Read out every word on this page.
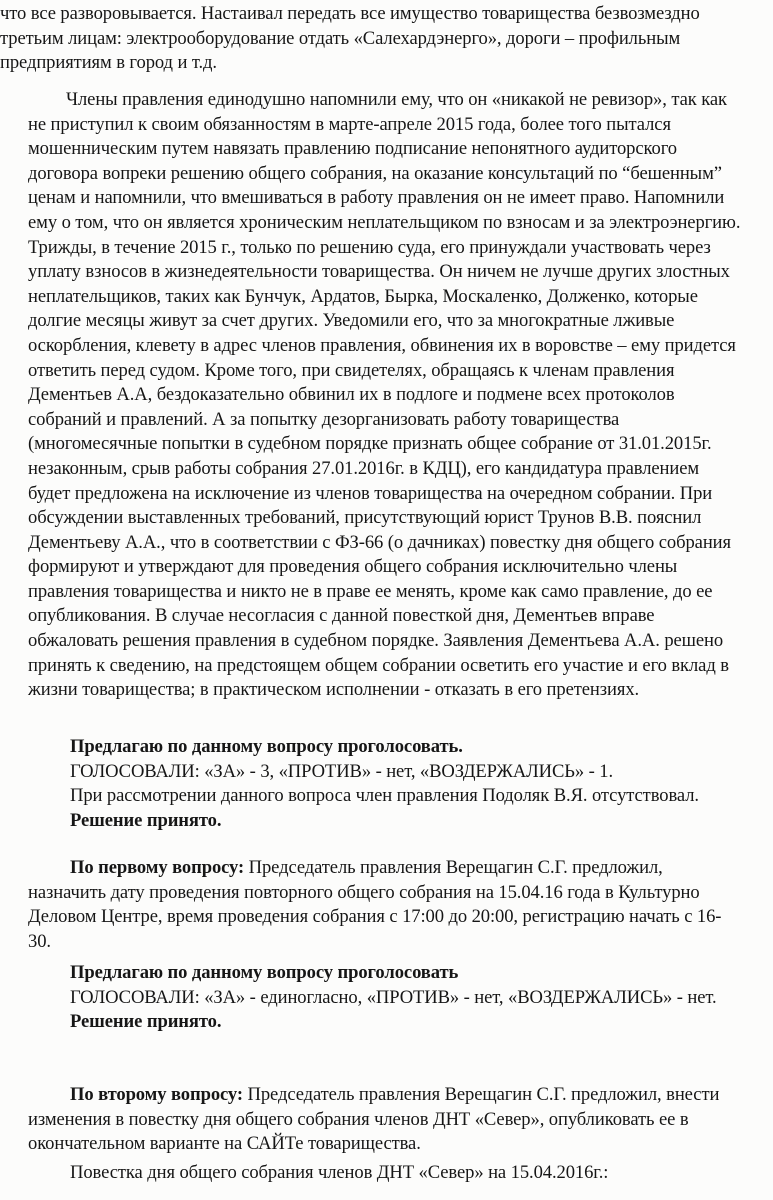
что все разворовывается. Настаивал передать все имущество товарищества безвозмездно
третьим лицам: электрооборудование отдать «Салехардэнерго», дороги – профильным
предприятиям в город и т.д.
Члены правления единодушно напомнили ему, что он «никакой не ревизор», так как
не приступил к своим обязанностям в марте-апреле 2015 года, более того пытался
мошенническим путем навязать правлению подписание непонятного аудиторского
договора вопреки решению общего собрания, на оказание консультаций по “бешенным”
ценам и напомнили, что вмешиваться в работу правления он не имеет право. Напомнили
ему о том, что он является хроническим неплательщиком по взносам и за электроэнергию.
Трижды, в течение 2015 г., только по решению суда, его принуждали участвовать через
уплату взносов в жизнедеятельности товарищества. Он ничем не лучше других злостных
неплательщиков, таких как Бунчук, Ардатов, Бырка, Москаленко, Долженко, которые
долгие месяцы живут за счет других. Уведомили его, что за многократные лживые
оскорбления, клевету в адрес членов правления, обвинения их в воровстве – ему придется
ответить перед судом. Кроме того, при свидетелях, обращаясь к членам правления
Дементьев А.А, бездоказательно обвинил их в подлоге и подмене всех протоколов
собраний и правлений. А за попытку дезорганизовать работу товарищества
(многомесячные попытки в судебном порядке признать общее собрание от 31.01.2015г.
незаконным, срыв работы собрания 27.01.2016г. в КДЦ), его кандидатура правлением
будет предложена на исключение из членов товарищества на очередном собрании. При
обсуждении выставленных требований, присутствующий юрист Трунов В.В. пояснил
Дементьеву А.А., что в соответствии с ФЗ-66 (о дачниках) повестку дня общего собрания
формируют и утверждают для проведения общего собрания исключительно члены
правления товарищества и никто не в праве ее менять, кроме как само правление, до ее
опубликования. В случае несогласия с данной повесткой дня, Дементьев вправе
обжаловать решения правления в судебном порядке. Заявления Дементьева А.А. решено
принять к сведению, на предстоящем общем собрании осветить его участие и его вклад в
жизни товарищества; в практическом исполнении - отказать в его претензиях.
Предлагаю по данному вопросу проголосовать.
ГОЛОСОВАЛИ: «ЗА» - 3, «ПРОТИВ» - нет, «ВОЗДЕРЖАЛИСЬ» - 1.
При рассмотрении данного вопроса член правления Подоляк В.Я. отсутствовал.
Решение принято.
По первому вопросу: Председатель правления Верещагин С.Г. предложил,
назначить дату проведения повторного общего собрания на 15.04.16 года в Культурно
Деловом Центре, время проведения собрания с 17:00 до 20:00, регистрацию начать с 16-
30.
Предлагаю по данному вопросу проголосовать
ГОЛОСОВАЛИ: «ЗА» - единогласно, «ПРОТИВ» - нет, «ВОЗДЕРЖАЛИСЬ» - нет.
Решение принято.
По второму вопросу: Председатель правления Верещагин С.Г. предложил, внести
изменения в повестку дня общего собрания членов ДНТ «Север», опубликовать ее в
окончательном варианте на САЙТе товарищества.
Повестка дня общего собрания членов ДНТ «Север» на 15.04.2016г.:
